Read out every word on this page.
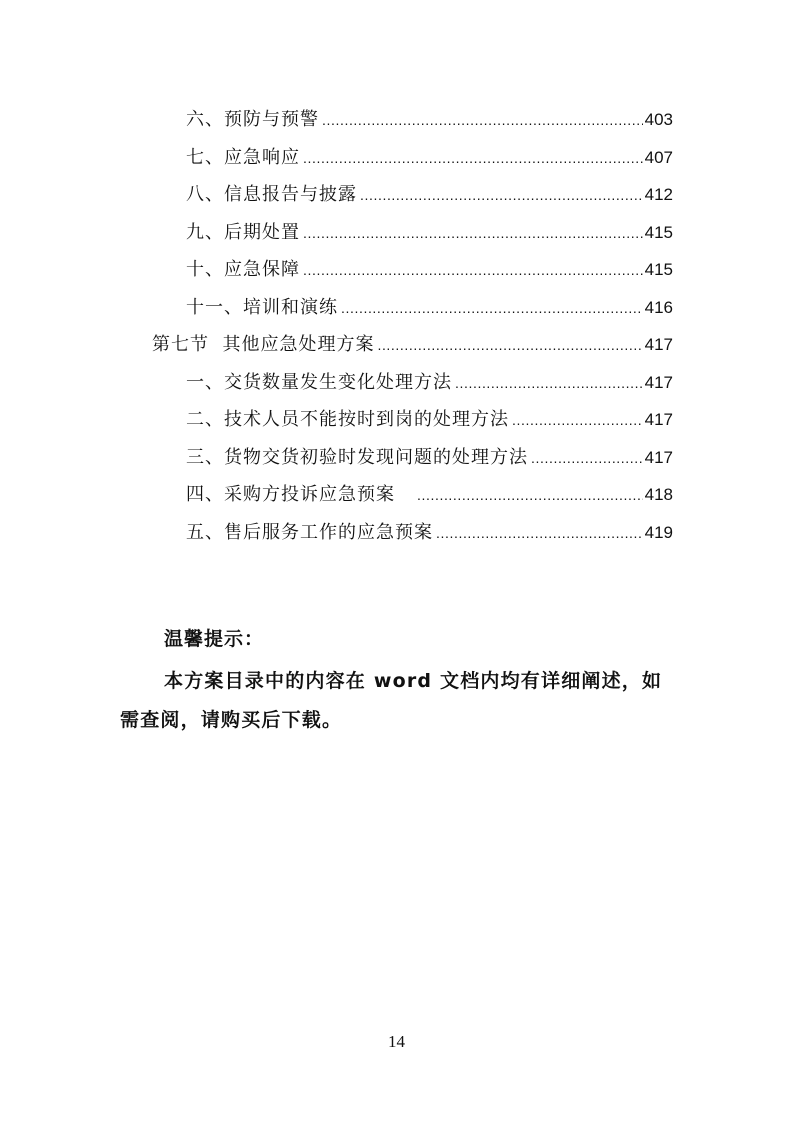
六、预防与预警 .....	403
七、应急响应 .....	407
八、信息报告与披露 .....	412
九、后期处置 .....	415
十、应急保障 .....	415
十一、培训和演练 .....	416
第七节  其他应急处理方案 .....	417
一、交货数量发生变化处理方法 .....	417
二、技术人员不能按时到岗的处理方法 .....	417
三、货物交货初验时发现问题的处理方法 .....	417
四、采购方投诉应急预案 .....	418
五、售后服务工作的应急预案 .....	419
温馨提示：
本方案目录中的内容在 word 文档内均有详细阐述，如需查阅，请购买后下载。
14
